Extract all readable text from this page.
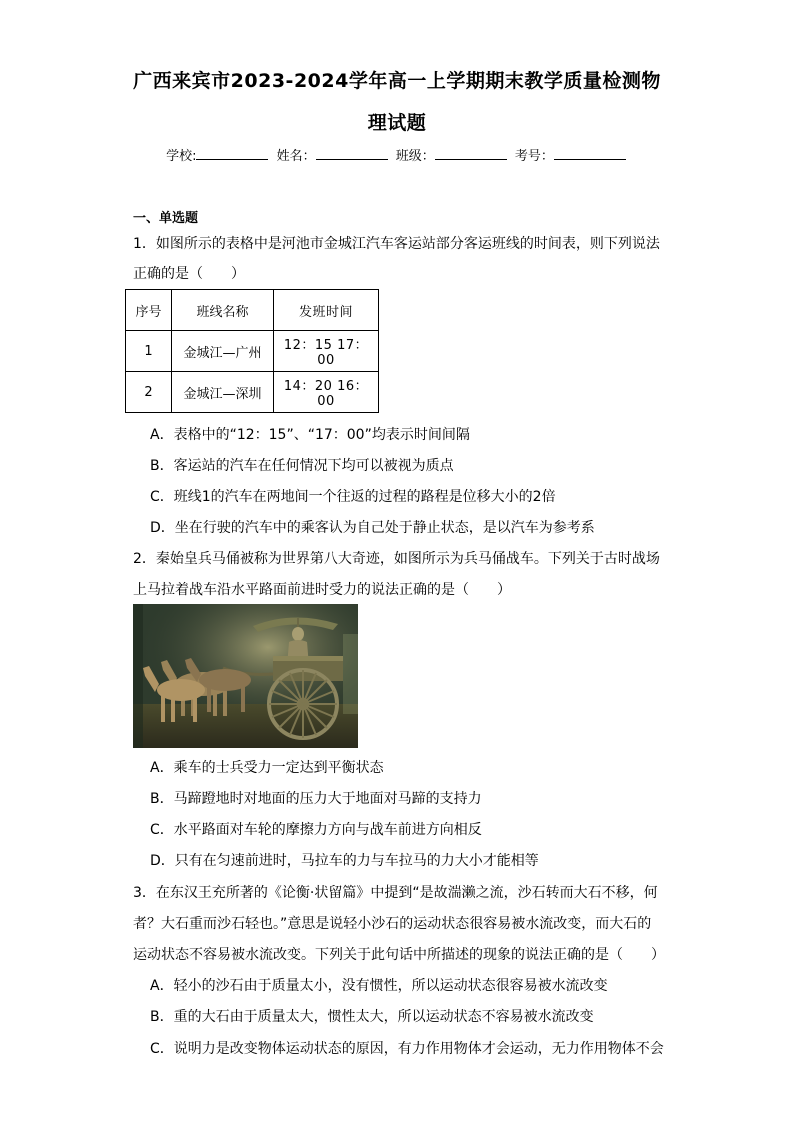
广西来宾市2023-2024学年高一上学期期末教学质量检测物
理试题
学校:	姓名：	班级：	考号：
一、单选题
1．如图所示的表格中是河池市金城江汽车客运站部分客运班线的时间表，则下列说法
正确的是（　　）
序号	班线名称	发班时间
1	金城江—广州	12：15 17：00
2	金城江—深圳	14：20 16：00
A．表格中的“12：15”、“17：00”均表示时间间隔
B．客运站的汽车在任何情况下均可以被视为质点
C．班线1的汽车在两地间一个往返的过程的路程是位移大小的2倍
D．坐在行驶的汽车中的乘客认为自己处于静止状态，是以汽车为参考系
2．秦始皇兵马俑被称为世界第八大奇迹，如图所示为兵马俑战车。下列关于古时战场
上马拉着战车沿水平路面前进时受力的说法正确的是（　　）
A．乘车的士兵受力一定达到平衡状态
B．马蹄蹬地时对地面的压力大于地面对马蹄的支持力
C．水平路面对车轮的摩擦力方向与战车前进方向相反
D．只有在匀速前进时，马拉车的力与车拉马的力大小才能相等
3．在东汉王充所著的《论衡·状留篇》中提到“是故湍濑之流，沙石转而大石不移，何
者？大石重而沙石轻也。”意思是说轻小沙石的运动状态很容易被水流改变，而大石的
运动状态不容易被水流改变。下列关于此句话中所描述的现象的说法正确的是（　　）
A．轻小的沙石由于质量太小，没有惯性，所以运动状态很容易被水流改变
B．重的大石由于质量太大，惯性太大，所以运动状态不容易被水流改变
C．说明力是改变物体运动状态的原因，有力作用物体才会运动，无力作用物体不会
